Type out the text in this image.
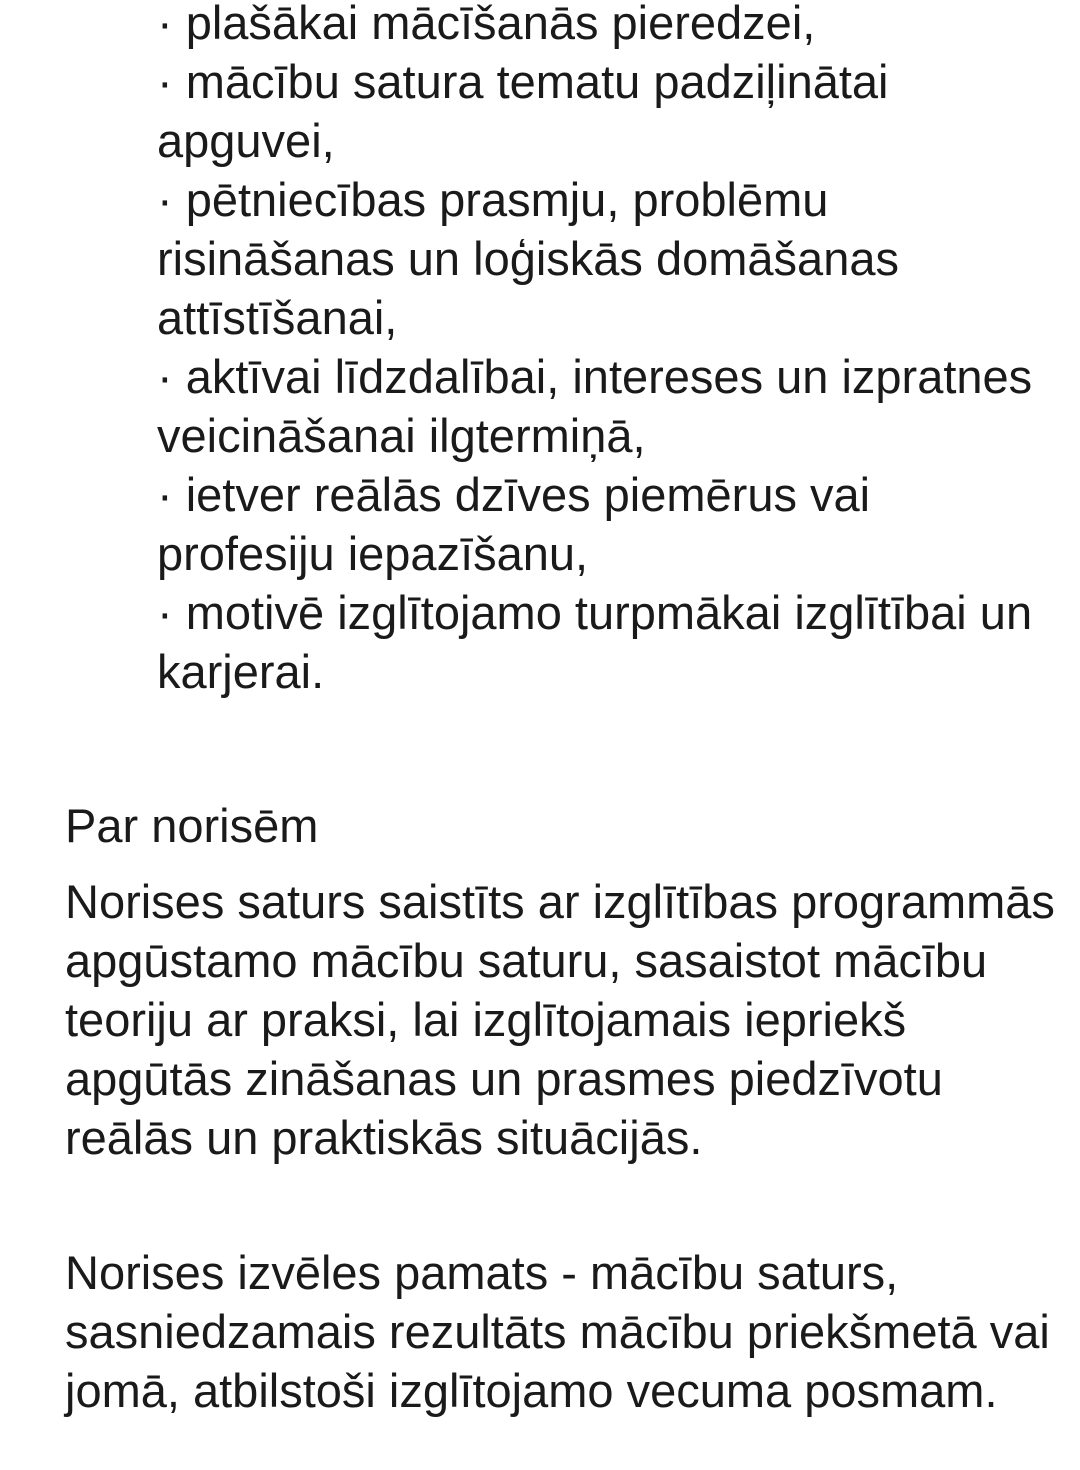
· plašākai mācīšanās pieredzei,
· mācību satura tematu padziļinātai apguvei,
· pētniecības prasmju, problēmu risināšanas un loģiskās domāšanas attīstīšanai,
· aktīvai līdzdalībai, intereses un izpratnes veicināšanai ilgtermiņā,
· ietver reālās dzīves piemērus vai profesiju iepazīšanu,
· motivē izglītojamo turpmākai izglītībai un karjerai.
Par norisēm

Norises saturs saistīts ar izglītības programmās apgūstamo mācību saturu, sasaistot mācību teoriju ar praksi, lai izglītojamais iepriekš apgūtās zināšanas un prasmes piedzīvotu reālās un praktiskās situācijās.

Norises izvēles pamats - mācību saturs, sasniedzamais rezultāts mācību priekšmetā vai jomā, atbilstoši izglītojamo vecuma posmam.
